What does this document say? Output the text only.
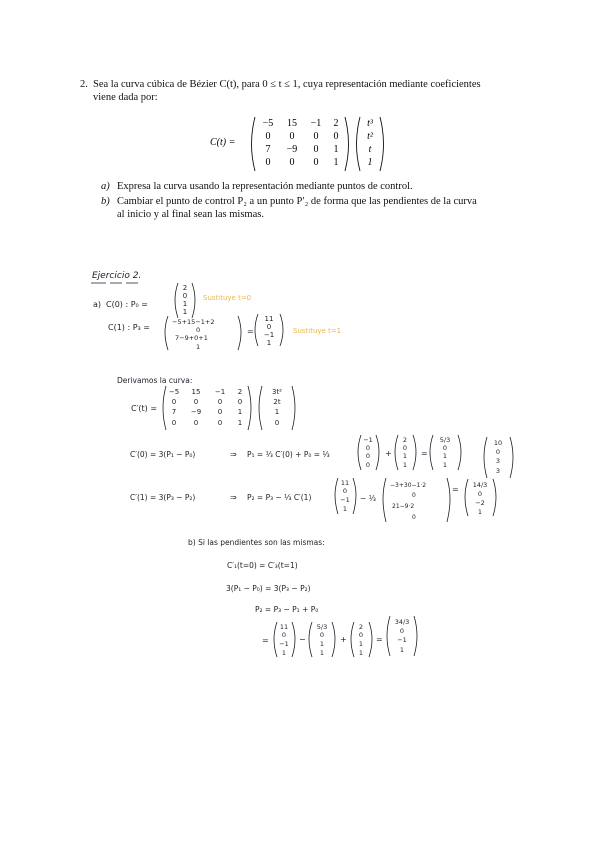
2. Sea la curva cúbica de Bézier C(t), para 0 ≤ t ≤ 1, cuya representación mediante coeficientes
viene dada por:
C(t) =
−5 15 −1 2
0 0 0 0
7 −9 0 1
0 0 0 1
t³
t²
t
1
a) Expresa la curva usando la representación mediante puntos de control.
b) Cambiar el punto de control P₂ a un punto P′₂ de forma que las pendientes de la curva
al inicio y al final sean las mismas.
Ejercicio 2.
a) C(0) : P₀ =
2
0
1
1
Sustituye t=0
C(1) : P₃ =
−5+15−1+2
0
7−9+0+1
1
=
11
0
−1
1
Sustituye t=1
Derivamos la curva:
C′(t) =
−5 15 −1 2
0	0	0 0
7 −9 0 1
0	0	0 1
3t²
2t
1
0
C′(0) = 3(P₁ − P₀)	⇒ P₁ = ⅓ C′(0) + P₀ = ⅓
−1
0
0
0
+
2
0
1
1
=
5/3
0
1
1
10
0
3
3
C′(1) = 3(P₃ − P₂)	⇒ P₂ = P₃ − ⅓ C′(1)
11
0
−1
1
− ⅓
−3+30−1·2
0
21−9·2
0
= 14/3
0
−2
1
b) Si las pendientes son las mismas:
C′₁(t=0) = C′₃(t=1)
3(P₁ − P₀) = 3(P₃ − P₂)
P₂ = P₃ − P₁ + P₀
=
11
0
−1
1
−
5/3
0
1
1
+
2
0
1
1
=
34/3
0
−1
1
